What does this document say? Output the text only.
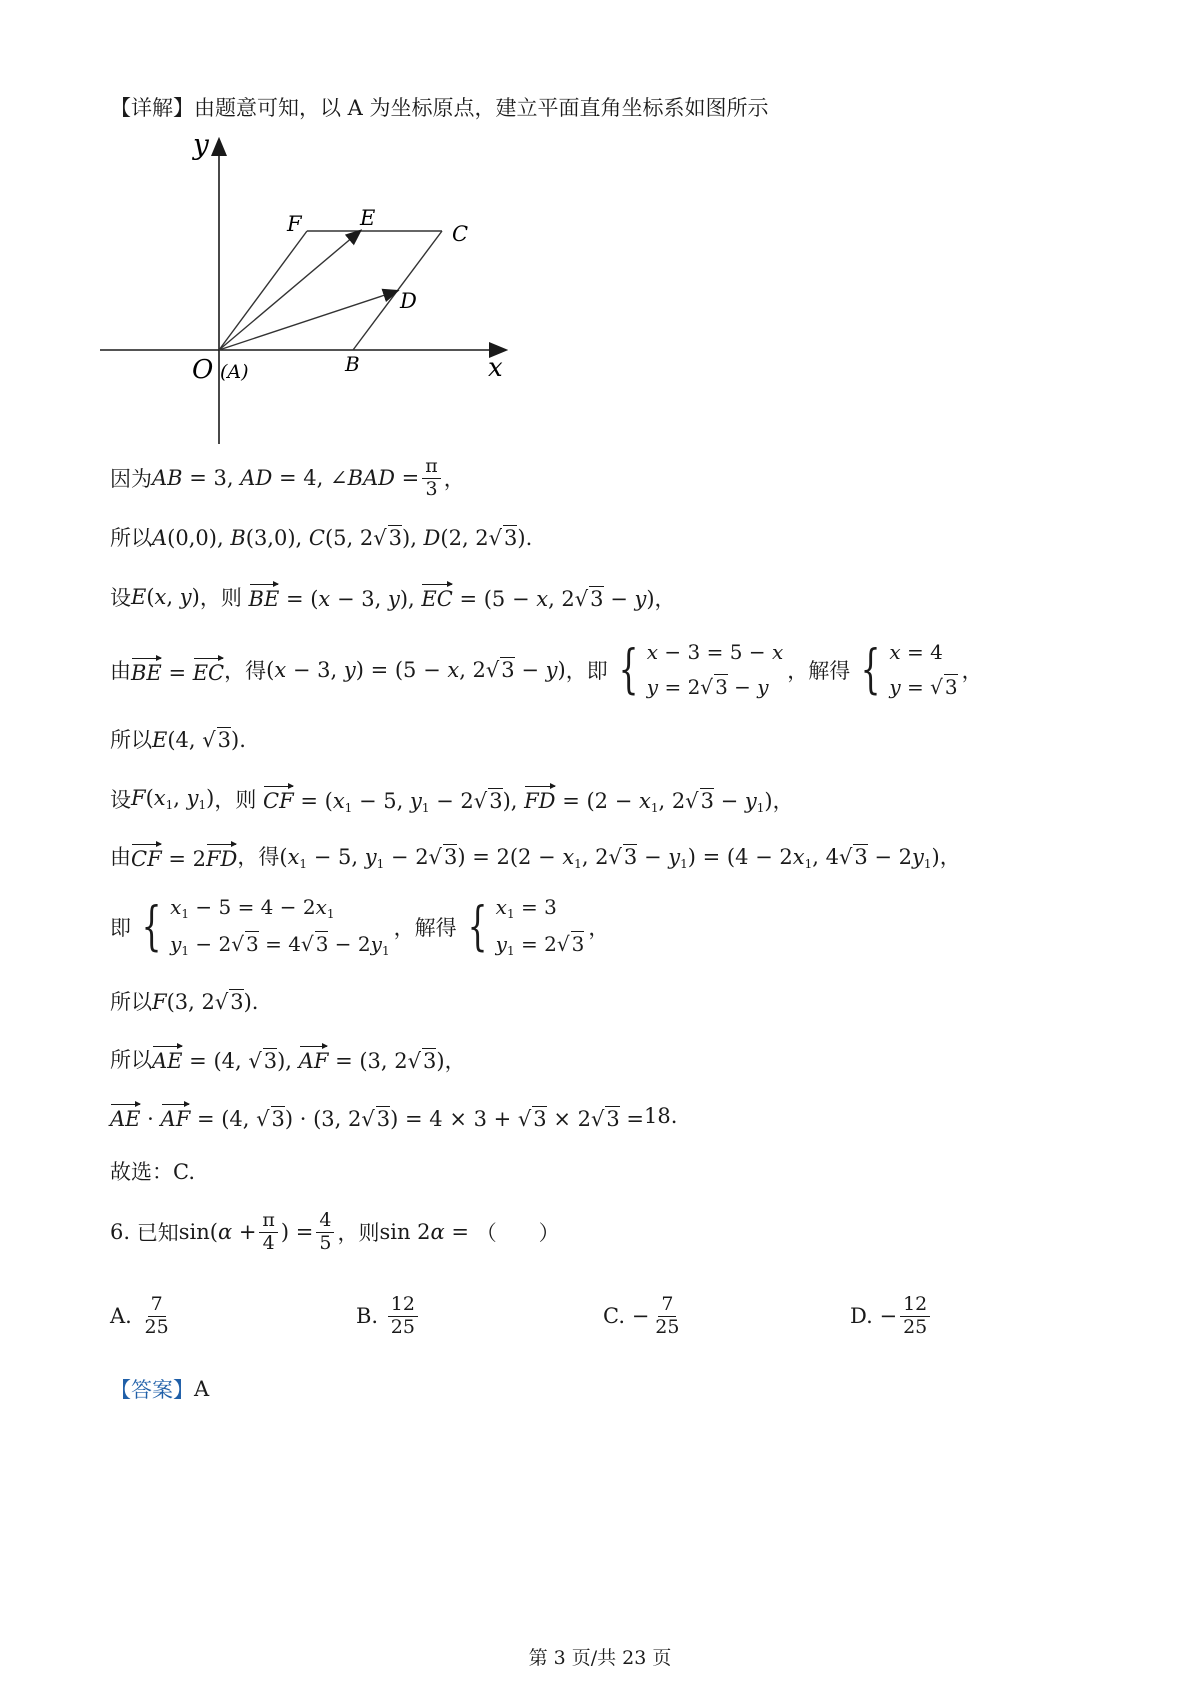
【详解】 由题意可知，以 A 为坐标原点，建立平面直角坐标系如图所示
y
x
O (A)
F	E
C
D
B
因为 AB = 3, AD = 4, ∠BAD = $\frac{\pi}{3}$ ，
所以 A(0,0), B(3,0), C(5, 2√3), D(2, 2√3).
设 E(x, y) ，则 BE = (x − 3, y), EC = (5 − x, 2√3 − y)，
由 BE = EC ，得 (x − 3, y) = (5 − x, 2√3 − y) ，即 { x − 3 = 5 − x
y = 2√ 3 − y
，解得 { x = 4
y = √ 3
，
所以 E(4, √3).
设 $F(x_1$, $y_1$) ，则 CF = ($x_1 - 5$, $y_1 - 2√3$), FD = ($2 - x_1$, $2√3 - y_1$)，
由 CF = 2FD ，得 ($x_1 - 5$, $y_1 - 2√3) = 2(2 - x_1$, $2√3 - y_1) = (4 - 2x_1$, $4√3 - 2y_1$)，
即 { $x_1 - 5 = 4 - 2x_1$
$y_1 - 2√$ 3 = 4√ $3 - 2y_1$
，解得 { $x_1 = 3$
$y_1 = 2√$ 3
，
所以 F(3, 2√3).
所以 AE = (4, √3), AF = (3, 2√3)，
AE · AF = (4, √3) · (3, 2√3) = 4 × 3 + √3 × 2√3 = 18 .
故选：C.
6.
已知 $\sin(\alpha + \frac{\pi}{4}$ ) = $\frac{4}{5}$ ，则 sin 2α = （　　）
A.
$\frac{7}{25}$	B.
$\frac{12}{25}$	C.
− $\frac{7}{25}$	D.
− $\frac{12}{25}$
【答案】 A
第 3 页/共 23 页
